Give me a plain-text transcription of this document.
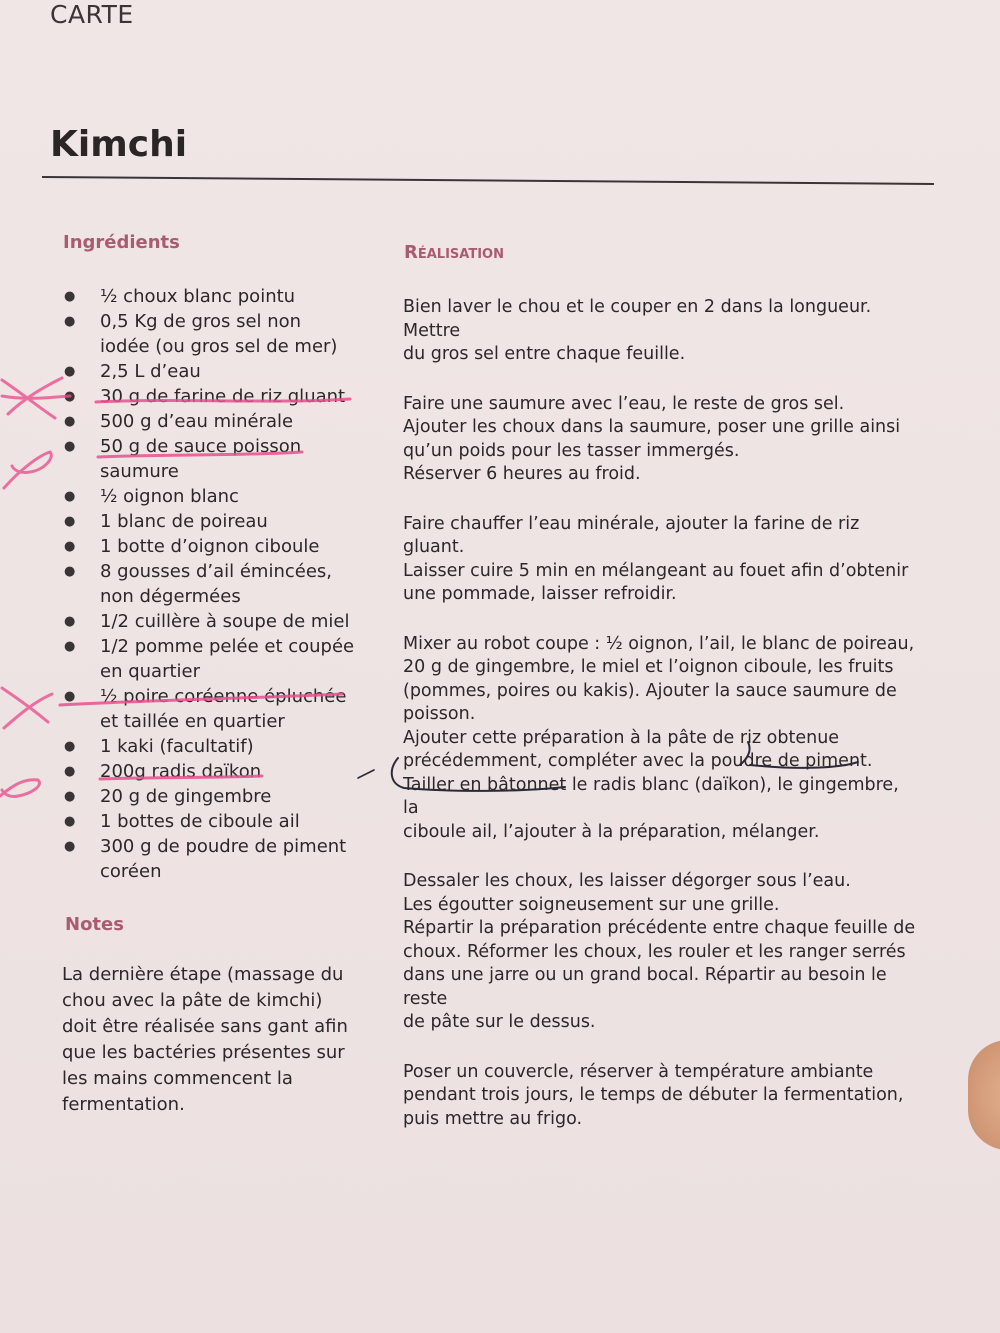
CARTE
Kimchi
Ingrédients	Réalisation
Notes
● ½ choux blanc pointu
● 0,5 Kg de gros sel non
iodée (ou gros sel de mer)
● 2,5 L d’eau
● 30 g de farine de riz gluant
● 500 g d’eau minérale
● 50 g de sauce poisson
saumure
● ½ oignon blanc
● 1 blanc de poireau
● 1 botte d’oignon ciboule
● 8 gousses d’ail émincées,
non dégermées
● 1/2 cuillère à soupe de miel
● 1/2 pomme pelée et coupée
en quartier
● ½ poire coréenne épluchée
et taillée en quartier
● 1 kaki (facultatif)
● 200g radis daïkon
● 20 g de gingembre
● 1 bottes de ciboule ail
● 300 g de poudre de piment
coréen

Bien laver le chou et le couper en 2 dans la longueur. Mettre
du gros sel entre chaque feuille.

Faire une saumure avec l’eau, le reste de gros sel.
Ajouter les choux dans la saumure, poser une grille ainsi
qu’un poids pour les tasser immergés.
Réserver 6 heures au froid.

Faire chauffer l’eau minérale, ajouter la farine de riz gluant.
Laisser cuire 5 min en mélangeant au fouet afin d’obtenir
une pommade, laisser refroidir.

Mixer au robot coupe : ½ oignon, l’ail, le blanc de poireau,
20 g de gingembre, le miel et l’oignon ciboule, les fruits
(pommes, poires ou kakis). Ajouter la sauce saumure de
poisson.
Ajouter cette préparation à la pâte de riz obtenue
précédemment, compléter avec la poudre de piment.
Tailler en bâtonnet le radis blanc (daïkon), le gingembre, la
ciboule ail, l’ajouter à la préparation, mélanger.

Dessaler les choux, les laisser dégorger sous l’eau.
Les égoutter soigneusement sur une grille.
Répartir la préparation précédente entre chaque feuille de
choux. Réformer les choux, les rouler et les ranger serrés
dans une jarre ou un grand bocal. Répartir au besoin le reste
de pâte sur le dessus.

Poser un couvercle, réserver à température ambiante
pendant trois jours, le temps de débuter la fermentation,
puis mettre au frigo.

La dernière étape (massage du
chou avec la pâte de kimchi)
doit être réalisée sans gant afin
que les bactéries présentes sur
les mains commencent la
fermentation.
